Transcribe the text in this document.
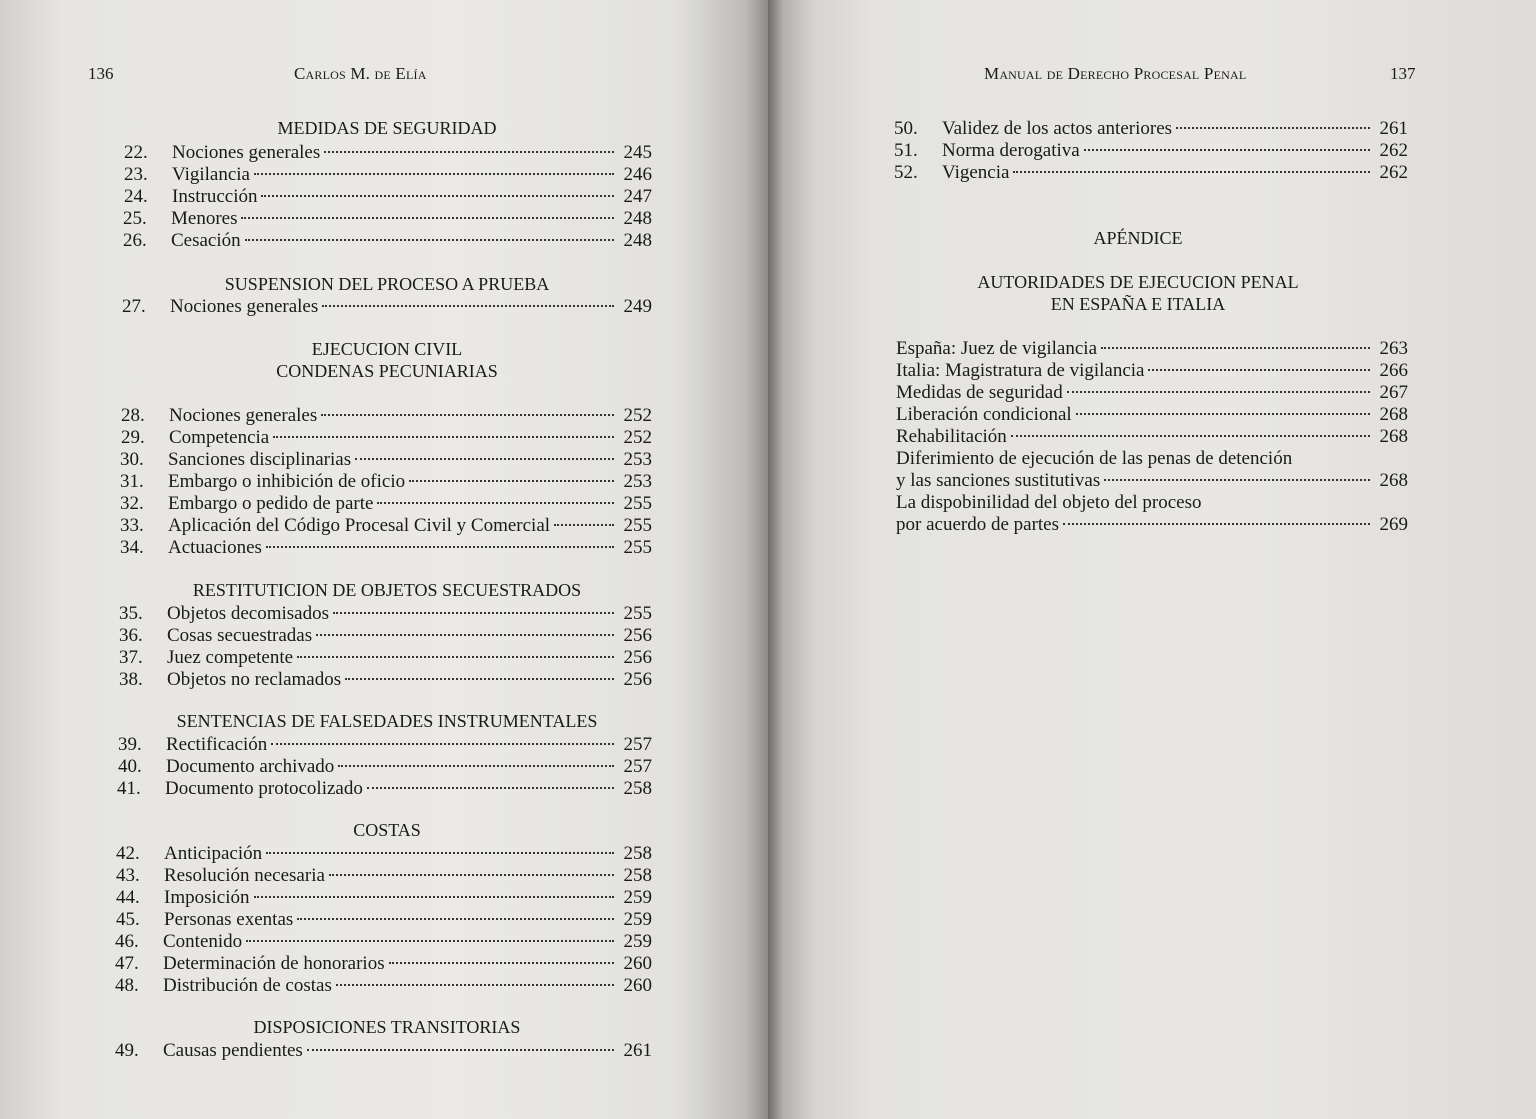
136	Carlos M. de Elía
MEDIDAS DE SEGURIDAD
22.	Nociones generales	245
23.	Vigilancia	246
24.	Instrucción	247
25.	Menores	248
26.	Cesación	248
SUSPENSION DEL PROCESO A PRUEBA
27.	Nociones generales	249
EJECUCION CIVIL
CONDENAS PECUNIARIAS
28.	Nociones generales	252
29.	Competencia	252
30.	Sanciones disciplinarias	253
31.	Embargo o inhibición de oficio	253
32.	Embargo o pedido de parte	255
33.	Aplicación del Código Procesal Civil y Comercial	255
34.	Actuaciones	255
RESTITUTICION DE OBJETOS SECUESTRADOS
35.	Objetos decomisados	255
36.	Cosas secuestradas	256
37.	Juez competente	256
38.	Objetos no reclamados	256
SENTENCIAS DE FALSEDADES INSTRUMENTALES
39.	Rectificación	257
40.	Documento archivado	257
41.	Documento protocolizado	258
COSTAS
42.	Anticipación	258
43.	Resolución necesaria	258
44.	Imposición	259
45.	Personas exentas	259
46.	Contenido	259
47.	Determinación de honorarios	260
48.	Distribución de costas	260
DISPOSICIONES TRANSITORIAS
49.	Causas pendientes	261
Manual de Derecho Procesal Penal	137
50.	Validez de los actos anteriores	261
51.	Norma derogativa	262
52.	Vigencia	262
APÉNDICE
AUTORIDADES DE EJECUCION PENAL
EN ESPAÑA E ITALIA
España: Juez de vigilancia	263
Italia: Magistratura de vigilancia	266
Medidas de seguridad	267
Liberación condicional	268
Rehabilitación	268
Diferimiento de ejecución de las penas de detención
y las sanciones sustitutivas	268
La dispobinilidad del objeto del proceso
por acuerdo de partes	269
